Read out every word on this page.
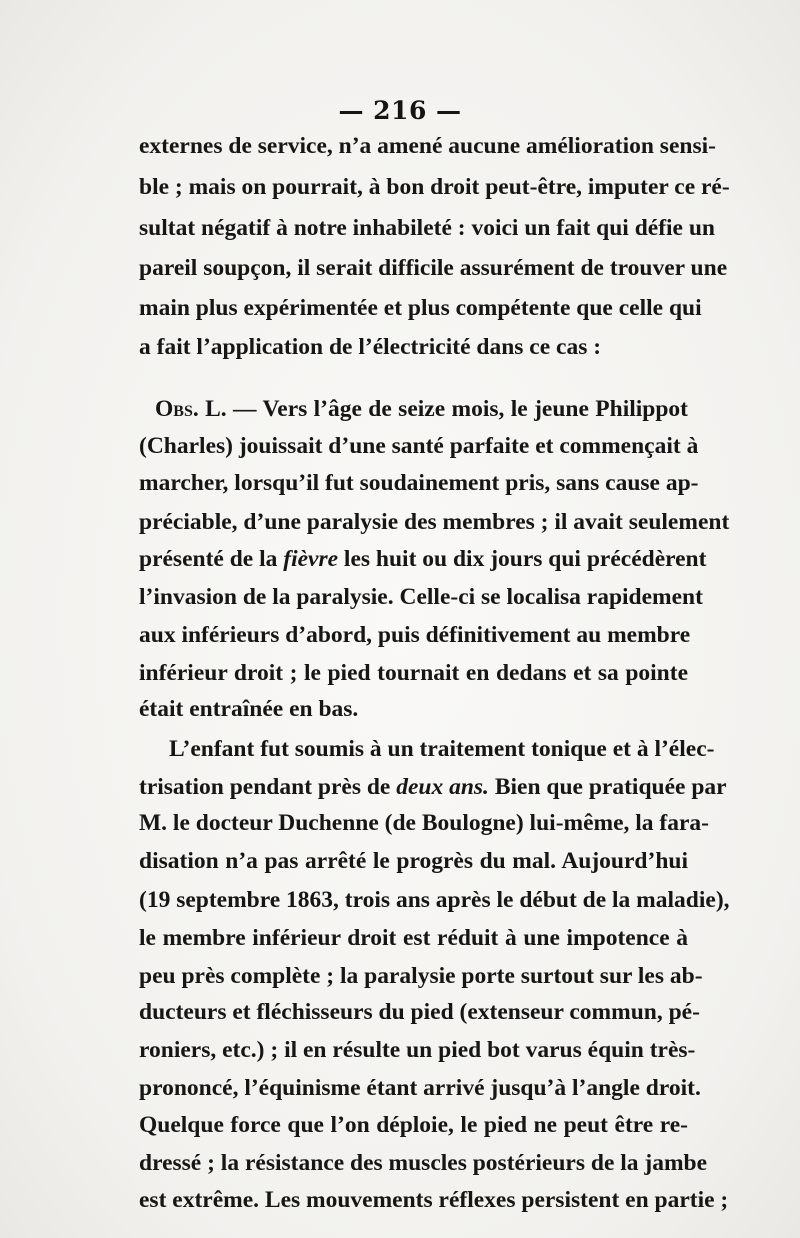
— 216 —
externes de service, n’a amené aucune amélioration sensi-
ble ; mais on pourrait, à bon droit peut-être, imputer ce ré-
sultat négatif à notre inhabileté : voici un fait qui défie un
pareil soupçon, il serait difficile assurément de trouver une
main plus expérimentée et plus compétente que celle qui
a fait l’application de l’électricité dans ce cas :
Obs. L. — Vers l’âge de seize mois, le jeune Philippot
(Charles) jouissait d’une santé parfaite et commençait à
marcher, lorsqu’il fut soudainement pris, sans cause ap-
préciable, d’une paralysie des membres ; il avait seulement
présenté de la fièvre les huit ou dix jours qui précédèrent
l’invasion de la paralysie. Celle-ci se localisa rapidement
aux inférieurs d’abord, puis définitivement au membre
inférieur droit ; le pied tournait en dedans et sa pointe
était entraînée en bas.
L’enfant fut soumis à un traitement tonique et à l’élec-
trisation pendant près de deux ans. Bien que pratiquée par
M. le docteur Duchenne (de Boulogne) lui-même, la fara-
disation n’a pas arrêté le progrès du mal. Aujourd’hui
(19 septembre 1863, trois ans après le début de la maladie),
le membre inférieur droit est réduit à une impotence à
peu près complète ; la paralysie porte surtout sur les ab-
ducteurs et fléchisseurs du pied (extenseur commun, pé-
roniers, etc.) ; il en résulte un pied bot varus équin très-
prononcé, l’équinisme étant arrivé jusqu’à l’angle droit.
Quelque force que l’on déploie, le pied ne peut être re-
dressé ; la résistance des muscles postérieurs de la jambe
est extrême. Les mouvements réflexes persistent en partie ;
